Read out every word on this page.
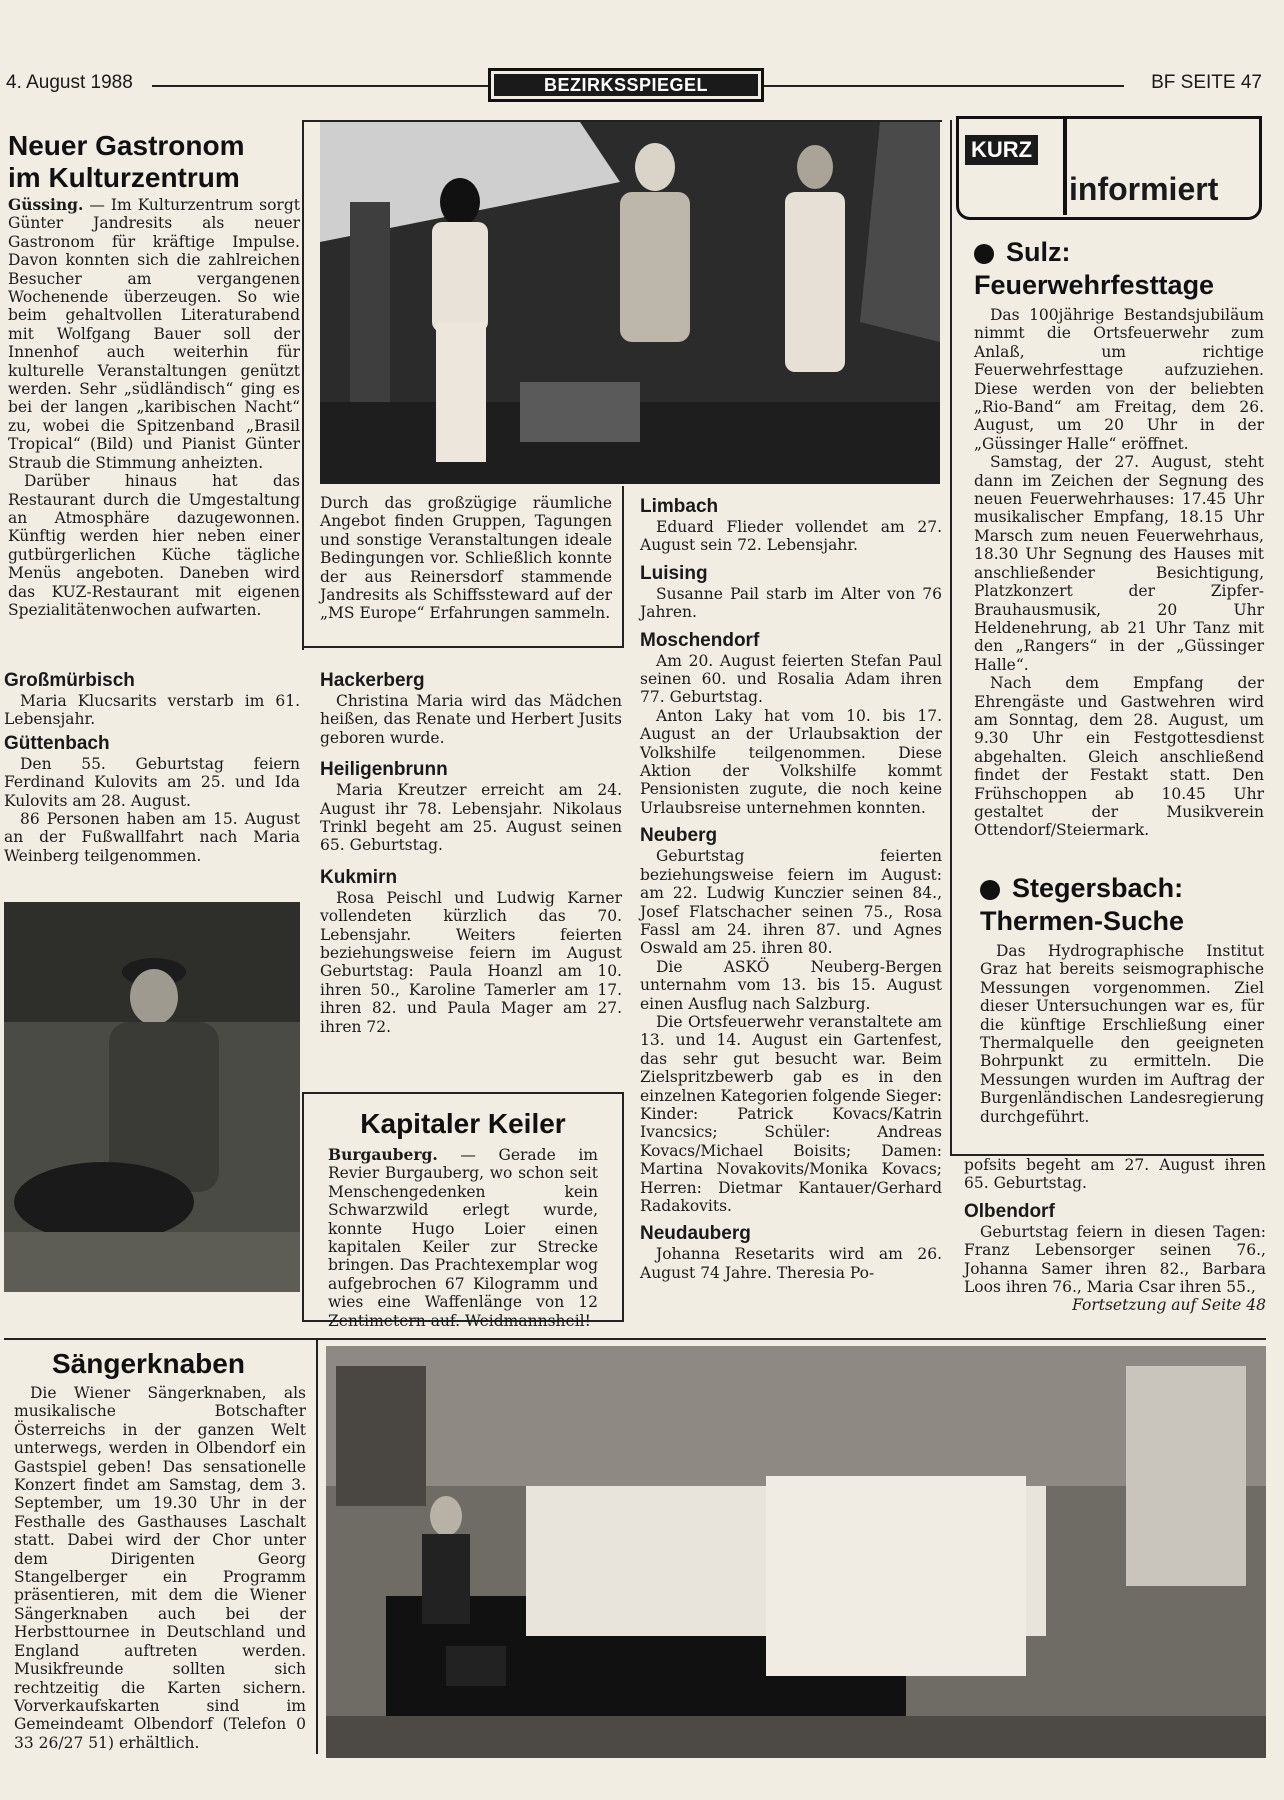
4. August 1988	BEZIRKSSPIEGEL	BF SEITE 47
Neuer Gastronom
im Kulturzentrum

Güssing. — Im Kulturzentrum sorgt Günter Jandresits als neuer Gastronom für kräftige Impulse. Davon konnten sich die zahlreichen Besucher am vergangenen Wochenende überzeugen. So wie beim gehaltvollen Literaturabend mit Wolfgang Bauer soll der Innenhof auch weiterhin für kulturelle Veranstaltungen genützt werden. Sehr „südländisch“ ging es bei der langen „karibischen Nacht“ zu, wobei die Spitzenband „Brasil Tropical“ (Bild) und Pianist Günter Straub die Stimmung anheizten.

Darüber hinaus hat das Restaurant durch die Umgestaltung an Atmosphäre dazugewonnen. Künftig werden hier neben einer gutbürgerlichen Küche tägliche Menüs angeboten. Daneben wird das KUZ-Restaurant mit eigenen Spezialitätenwochen aufwarten.

Durch das großzügige räumliche Angebot finden Gruppen, Tagungen und sonstige Veranstaltungen ideale Bedingungen vor. Schließlich konnte der aus Reinersdorf stammende Jandresits als Schiffssteward auf der „MS Europe“ Erfahrungen sammeln.

Großmürbisch

Maria Klucsarits verstarb im 61. Lebensjahr.

Güttenbach

Den 55. Geburtstag feiern Ferdinand Kulovits am 25. und Ida Kulovits am 28. August.

86 Personen haben am 15. August an der Fußwallfahrt nach Maria Weinberg teilgenommen.

Hackerberg

Christina Maria wird das Mädchen heißen, das Renate und Herbert Jusits geboren wurde.

Heiligenbrunn

Maria Kreutzer erreicht am 24. August ihr 78. Lebensjahr. Nikolaus Trinkl begeht am 25. August seinen 65. Geburtstag.

Kukmirn

Rosa Peischl und Ludwig Karner vollendeten kürzlich das 70. Lebensjahr. Weiters feierten beziehungsweise feiern im August Geburtstag: Paula Hoanzl am 10. ihren 50., Karoline Tamerler am 17. ihren 82. und Paula Mager am 27. ihren 72.

Kapitaler Keiler

Burgauberg. — Gerade im Revier Burgauberg, wo schon seit Menschengedenken kein Schwarzwild erlegt wurde, konnte Hugo Loier einen kapitalen Keiler zur Strecke bringen. Das Prachtexemplar wog aufgebrochen 67 Kilogramm und wies eine Waffenlänge von 12 Zentimetern auf. Weidmannsheil!

Limbach

Eduard Flieder vollendet am 27. August sein 72. Lebensjahr.

Luising

Susanne Pail starb im Alter von 76 Jahren.

Moschendorf

Am 20. August feierten Stefan Paul seinen 60. und Rosalia Adam ihren 77. Geburtstag.

Anton Laky hat vom 10. bis 17. August an der Urlaubsaktion der Volkshilfe teilgenommen. Diese Aktion der Volkshilfe kommt Pensionisten zugute, die noch keine Urlaubsreise unternehmen konnten.

Neuberg

Geburtstag feierten beziehungsweise feiern im August: am 22. Ludwig Kunczier seinen 84., Josef Flatschacher seinen 75., Rosa Fassl am 24. ihren 87. und Agnes Oswald am 25. ihren 80.

Die ASKÖ Neuberg-Bergen unternahm vom 13. bis 15. August einen Ausflug nach Salzburg.

Die Ortsfeuerwehr veranstaltete am 13. und 14. August ein Gartenfest, das sehr gut besucht war. Beim Zielspritzbewerb gab es in den einzelnen Kategorien folgende Sieger: Kinder: Patrick Kovacs/Katrin Ivancsics; Schüler: Andreas Kovacs/Michael Boisits; Damen: Martina Novakovits/Monika Kovacs; Herren: Dietmar Kantauer/Gerhard Radakovits.

Neudauberg

Johanna Resetarits wird am 26. August 74 Jahre. Theresia Po-

KURZ
informiert
Sulz:
Feuerwehrfesttage

Das 100jährige Bestandsjubiläum nimmt die Ortsfeuerwehr zum Anlaß, um richtige Feuerwehrfesttage aufzuziehen. Diese werden von der beliebten „Rio-Band“ am Freitag, dem 26. August, um 20 Uhr in der „Güssinger Halle“ eröffnet.

Samstag, der 27. August, steht dann im Zeichen der Segnung des neuen Feuerwehrhauses: 17.45 Uhr musikalischer Empfang, 18.15 Uhr Marsch zum neuen Feuerwehrhaus, 18.30 Uhr Segnung des Hauses mit anschließender Besichtigung, Platzkonzert der Zipfer-Brauhausmusik, 20 Uhr Heldenehrung, ab 21 Uhr Tanz mit den „Rangers“ in der „Güssinger Halle“.

Nach dem Empfang der Ehrengäste und Gastwehren wird am Sonntag, dem 28. August, um 9.30 Uhr ein Festgottesdienst abgehalten. Gleich anschließend findet der Festakt statt. Den Frühschoppen ab 10.45 Uhr gestaltet der Musikverein Ottendorf/Steiermark.

Stegersbach:
Thermen-Suche

Das Hydrographische Institut Graz hat bereits seismographische Messungen vorgenommen. Ziel dieser Untersuchungen war es, für die künftige Erschließung einer Thermalquelle den geeigneten Bohrpunkt zu ermitteln. Die Messungen wurden im Auftrag der Burgenländischen Landesregierung durchgeführt.

pofsits begeht am 27. August ihren 65. Geburtstag.

Olbendorf

Geburtstag feiern in diesen Tagen: Franz Lebensorger seinen 76., Johanna Samer ihren 82., Barbara Loos ihren 76., Maria Csar ihren 55.,

Fortsetzung auf Seite 48

Sängerknaben

Die Wiener Sängerknaben, als musikalische Botschafter Österreichs in der ganzen Welt unterwegs, werden in Olbendorf ein Gastspiel geben! Das sensationelle Konzert findet am Samstag, dem 3. September, um 19.30 Uhr in der Festhalle des Gasthauses Laschalt statt. Dabei wird der Chor unter dem Dirigenten Georg Stangelberger ein Programm präsentieren, mit dem die Wiener Sängerknaben auch bei der Herbsttournee in Deutschland und England auftreten werden. Musikfreunde sollten sich rechtzeitig die Karten sichern. Vorverkaufskarten sind im Gemeindeamt Olbendorf (Telefon 0 33 26/27 51) erhältlich.
